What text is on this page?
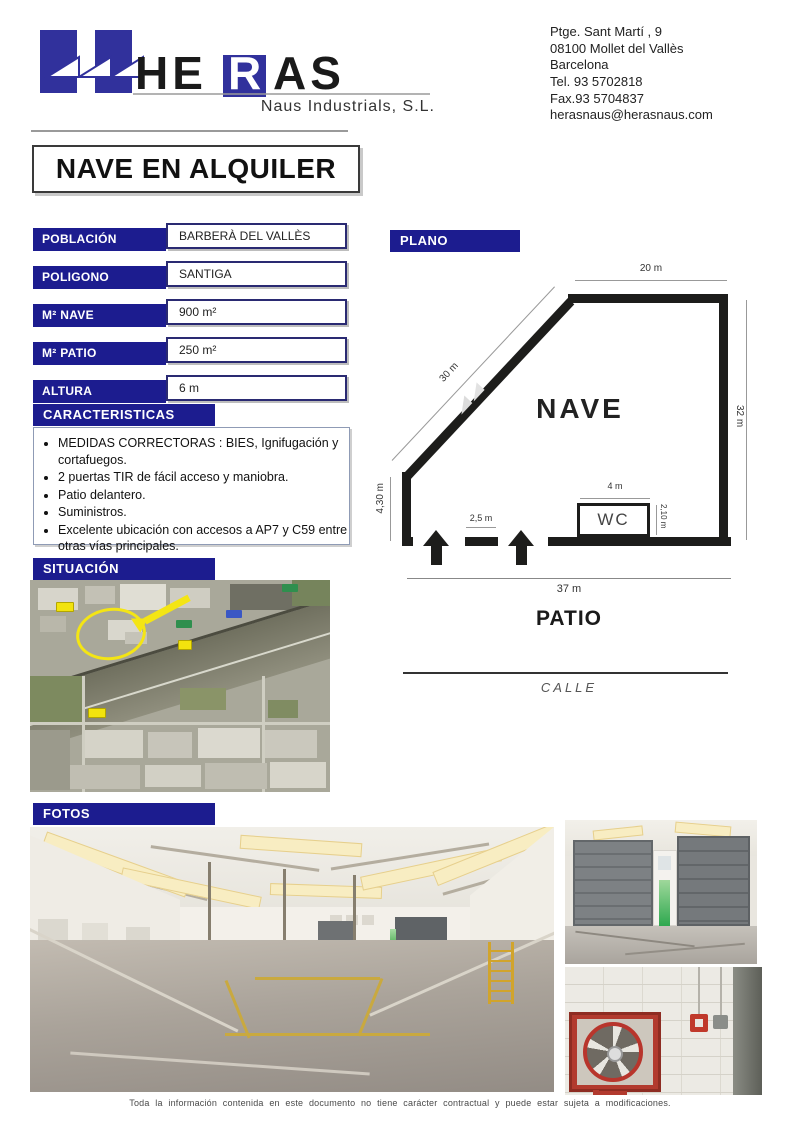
HE R AS
Naus Industrials, S.L.
Ptge. Sant Martí , 9
08100 Mollet del Vallès
Barcelona
Tel. 93 5702818
Fax.93 5704837
herasnaus@herasnaus.com
NAVE EN ALQUILER
POBLACIÓN	BARBERÀ DEL VALLÈS
POLIGONO	SANTIGA
M² NAVE	900 m²
M² PATIO	250 m²
ALTURA	6 m
CARACTERISTICAS
• MEDIDAS CORRECTORAS : BIES, Ignifugación y cortafuegos.
• 2 puertas TIR de fácil acceso y maniobra.
• Patio delantero.
• Suministros.
• Excelente ubicación con accesos a AP7 y C59 entre otras vías principales.
SITUACIÓN
PLANO
20 m
30 m
32 m
4,30 m
NAVE
WC
4 m
2,10 m
2,5 m
37 m
PATIO
CALLE
FOTOS
Toda la información contenida en este documento no tiene carácter contractual y puede estar sujeta a modificaciones.
